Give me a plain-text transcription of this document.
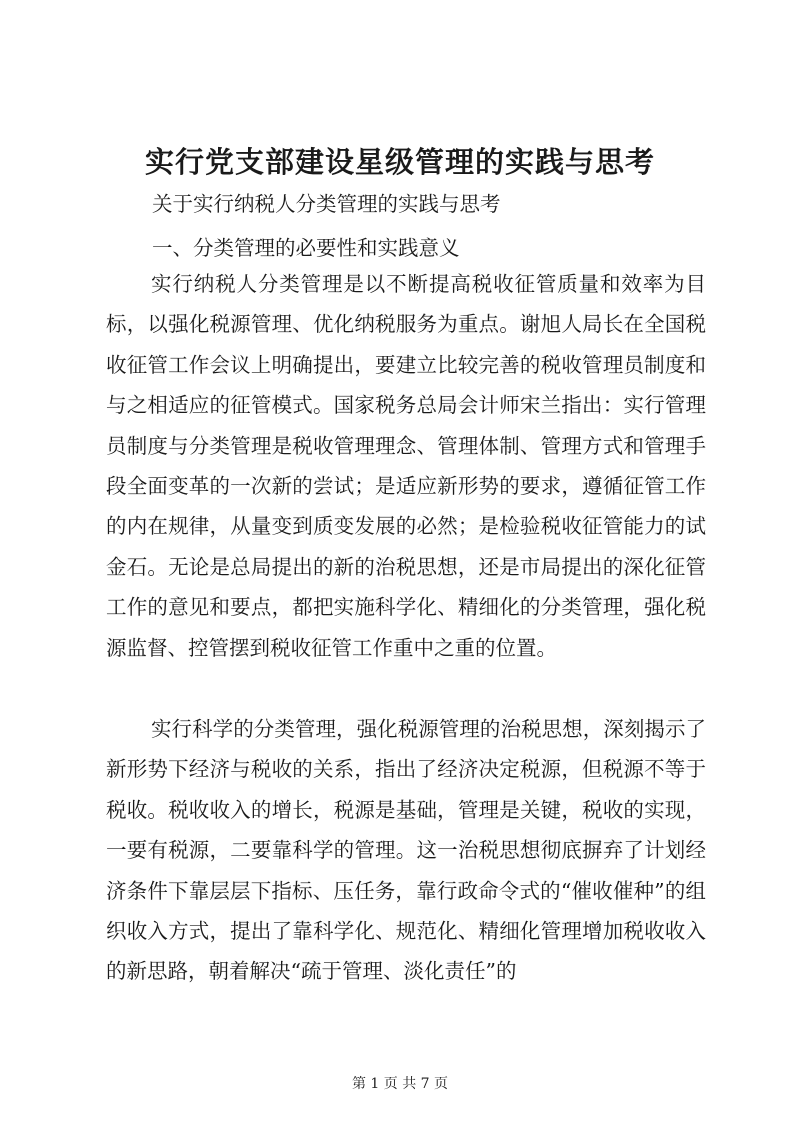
实行党支部建设星级管理的实践与思考
关于实行纳税人分类管理的实践与思考
一、分类管理的必要性和实践意义

实行纳税人分类管理是以不断提高税收征管质量和效率为目标，以强化税源管理、优化纳税服务为重点。谢旭人局长在全国税收征管工作会议上明确提出，要建立比较完善的税收管理员制度和与之相适应的征管模式。国家税务总局会计师宋兰指出：实行管理员制度与分类管理是税收管理理念、管理体制、管理方式和管理手段全面变革的一次新的尝试；是适应新形势的要求，遵循征管工作的内在规律，从量变到质变发展的必然；是检验税收征管能力的试金石。无论是总局提出的新的治税思想，还是市局提出的深化征管工作的意见和要点，都把实施科学化、精细化的分类管理，强化税源监督、控管摆到税收征管工作重中之重的位置。

实行科学的分类管理，强化税源管理的治税思想，深刻揭示了新形势下经济与税收的关系，指出了经济决定税源，但税源不等于税收。税收收入的增长，税源是基础，管理是关键，税收的实现，一要有税源，二要靠科学的管理。这一治税思想彻底摒弃了计划经济条件下靠层层下指标、压任务，靠行政命令式的“催收催种”的组织收入方式，提出了靠科学化、规范化、精细化管理增加税收收入的新思路，朝着解决“疏于管理、淡化责任”的

第 1 页 共 7 页
